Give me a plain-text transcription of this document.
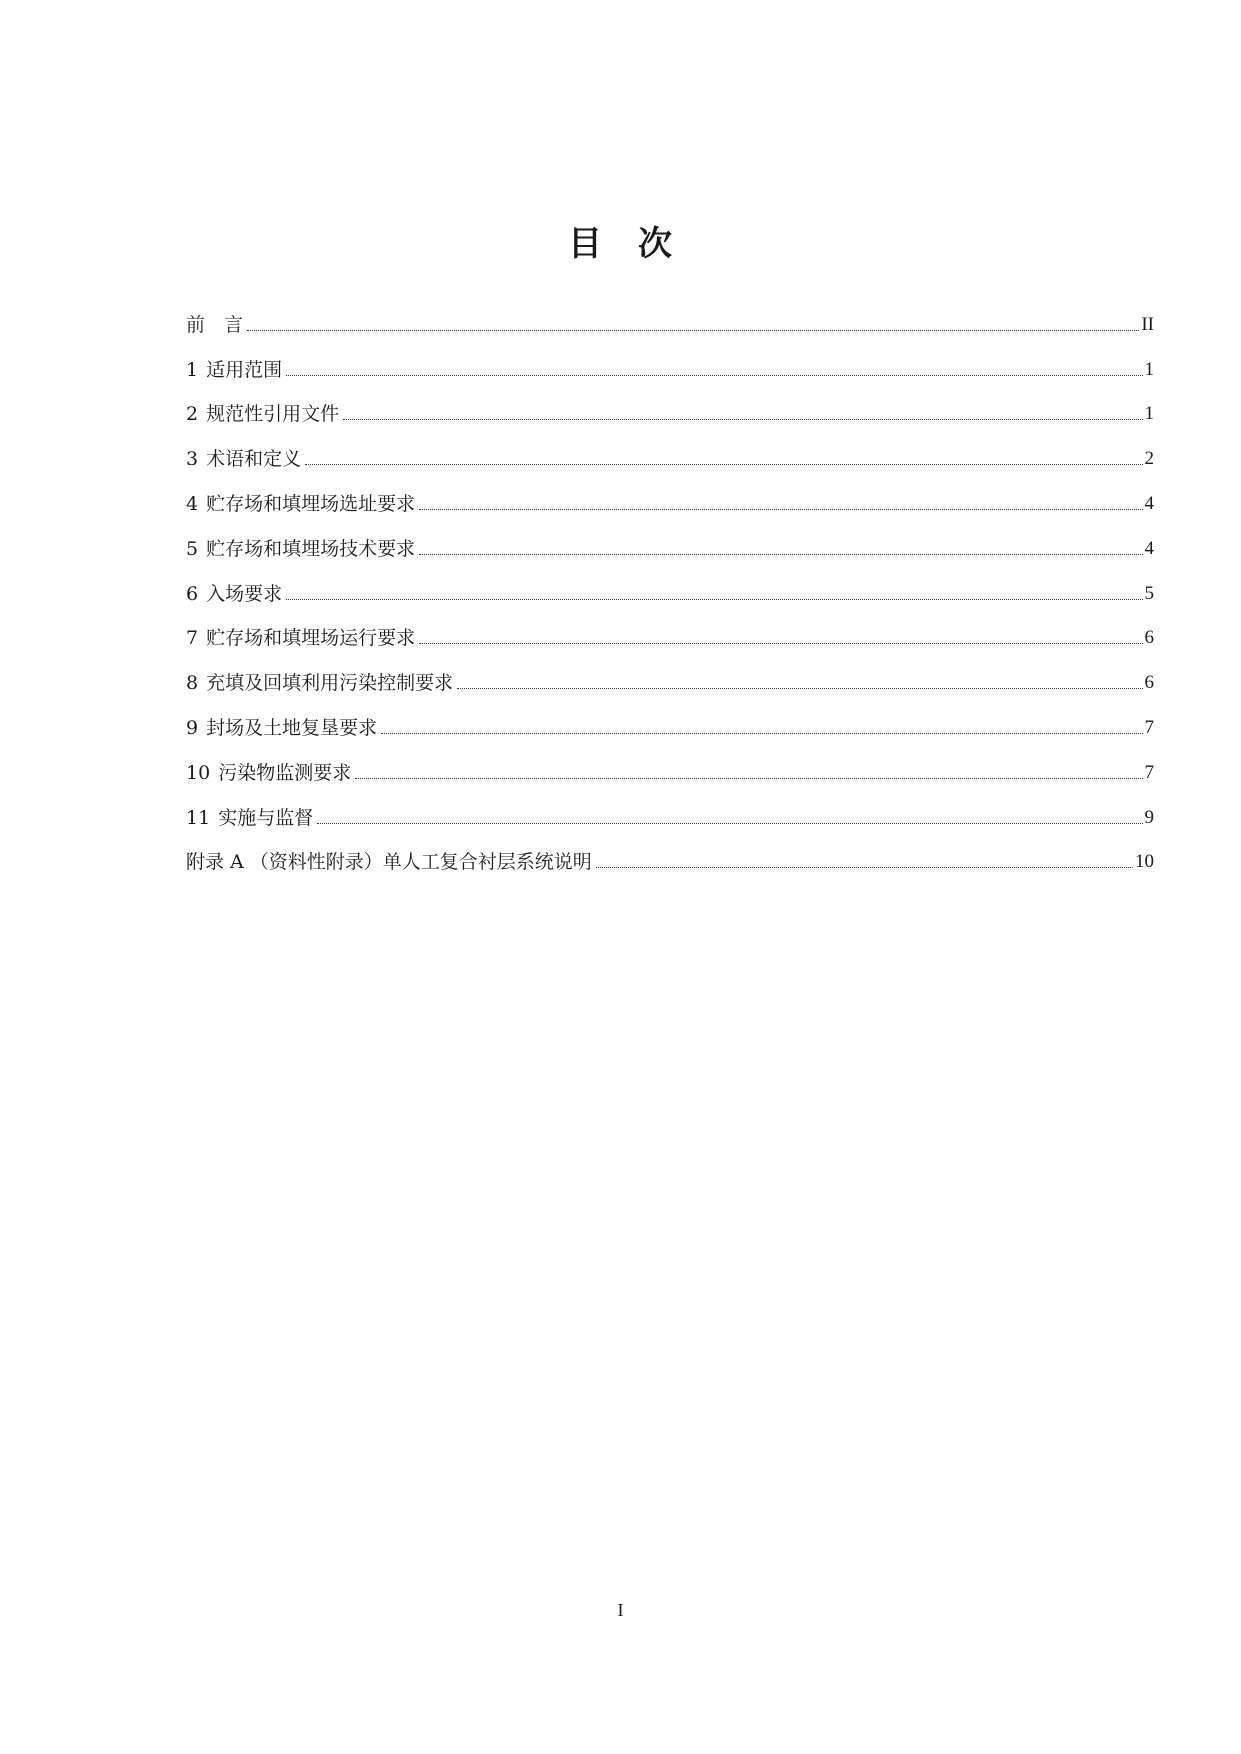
目　次
前　言	II
1 适用范围	1
2 规范性引用文件	1
3 术语和定义	2
4 贮存场和填埋场选址要求	4
5 贮存场和填埋场技术要求	4
6 入场要求	5
7 贮存场和填埋场运行要求	6
8 充填及回填利用污染控制要求	6
9 封场及土地复垦要求	7
10 污染物监测要求	7
11 实施与监督	9
附录 A （资料性附录）单人工复合衬层系统说明	10
I
